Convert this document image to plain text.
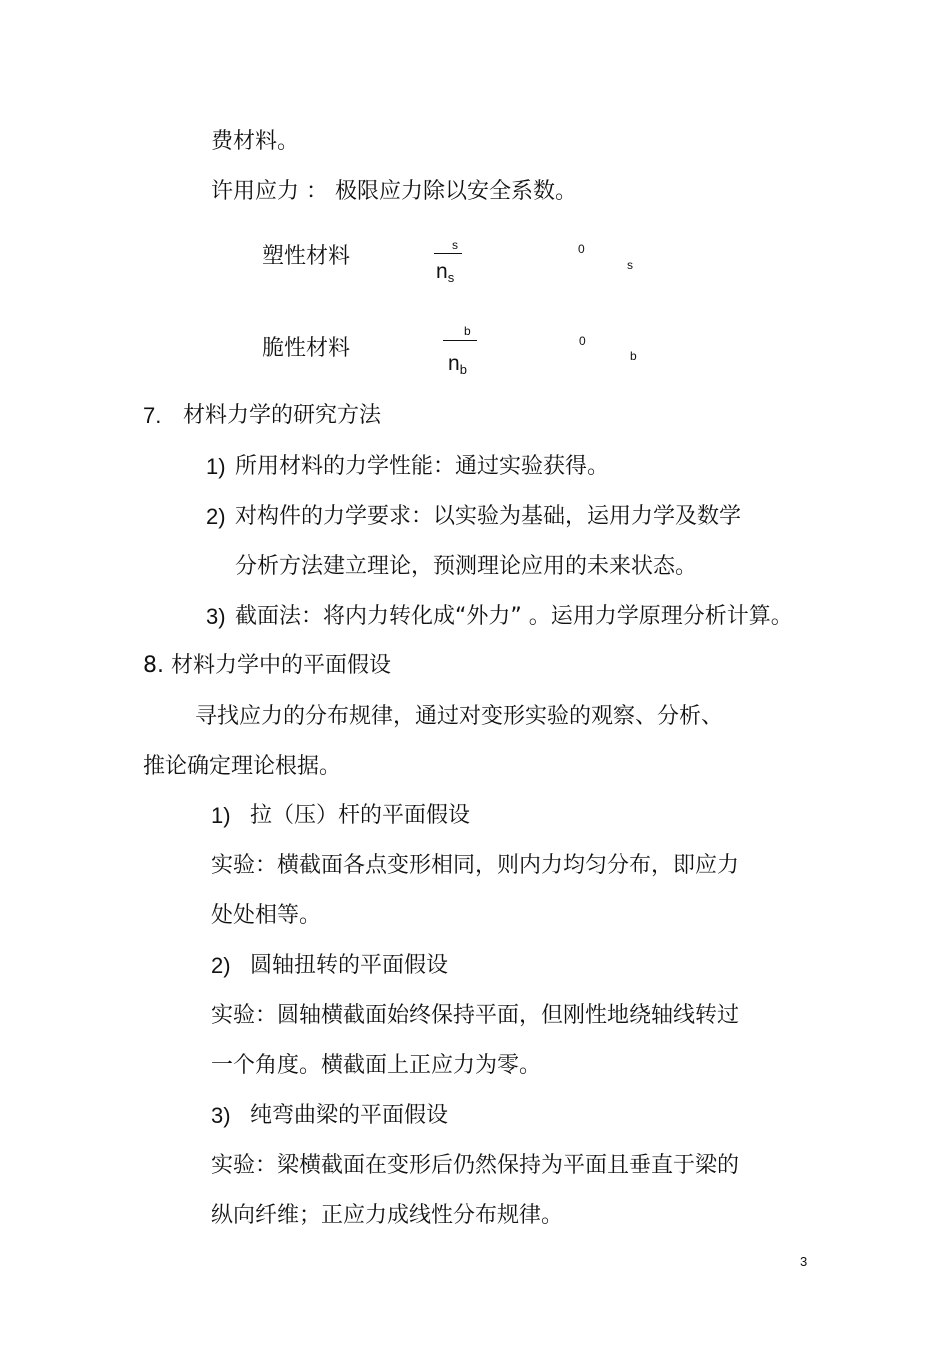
费材料。
许用应力 ： 极限应力除以安全系数。
塑性材料	s
$n_s$
0
s
脆性材料
b
$n_b$
0
b
7. 材料力学的研究方法
1) 所用材料的力学性能：通过实验获得。
2) 对构件的力学要求：以实验为基础，运用力学及数学
分析方法建立理论，预测理论应用的未来状态。
3) 截面法：将内力转化成“外力” 。运用力学原理分析计算。
8. 材料力学中的平面假设
寻找应力的分布规律，通过对变形实验的观察、分析、
推论确定理论根据。
1) 拉（压）杆的平面假设
实验：横截面各点变形相同，则内力均匀分布，即应力
处处相等。
2) 圆轴扭转的平面假设
实验：圆轴横截面始终保持平面，但刚性地绕轴线转过
一个角度。横截面上正应力为零。
3) 纯弯曲梁的平面假设
实验：梁横截面在变形后仍然保持为平面且垂直于梁的
纵向纤维；正应力成线性分布规律。
3
